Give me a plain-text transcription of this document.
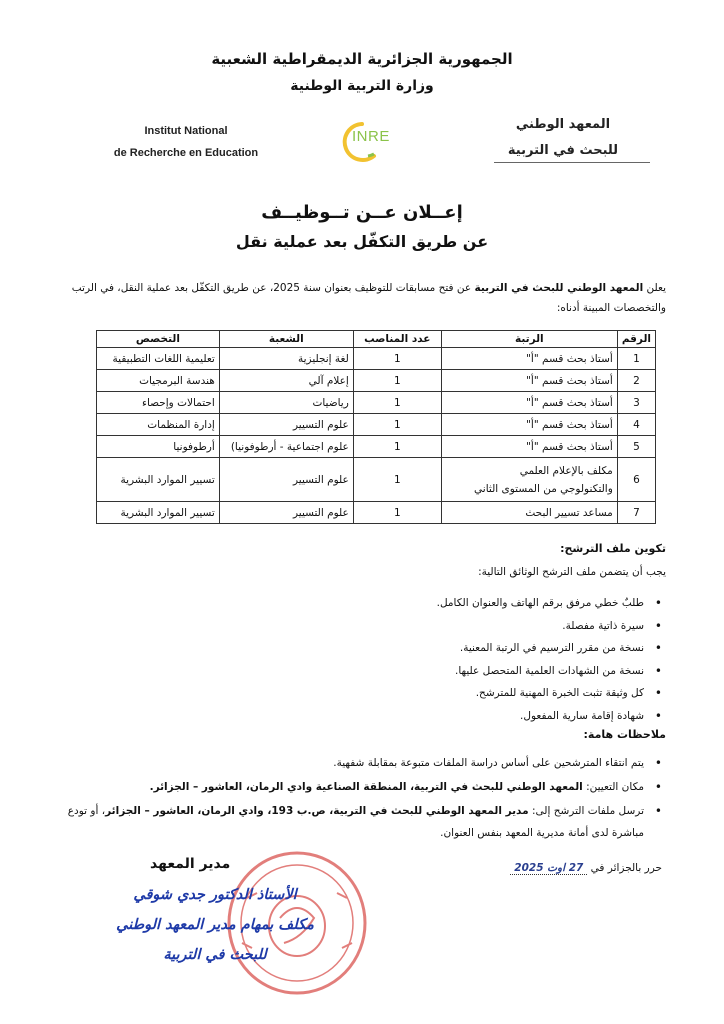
الجمهورية الجزائرية الديمقراطية الشعبية
وزارة التربية الوطنية
Institut National
de Recherche en Education
INRE
المعهد الوطني
للبحث في التربية
إعــلان عــن تــوظيــف
عن طريق التكفّل بعد عملية نقل
يعلن المعهد الوطني للبحث في التربية عن فتح مسابقات للتوظيف بعنوان سنة 2025، عن طريق التكفّل بعد عملية النقل، في الرتب والتخصصات المبينة أدناه:
الرقم	الرتبة	عدد المناصب	الشعبة	التخصص
1	أستاذ بحث قسم "أ"	1	لغة إنجليزية	تعليمية اللغات التطبيقية
2	أستاذ بحث قسم "أ"	1	إعلام آلي	هندسة البرمجيات
3	أستاذ بحث قسم "أ"	1	رياضيات	احتمالات وإحصاء
4	أستاذ بحث قسم "أ"	1	علوم التسيير	إدارة المنظمات
5	أستاذ بحث قسم "أ"	1	علوم اجتماعية - أرطوفونيا)	أرطوفونيا
6	مكلف بالإعلام العلمي
والتكنولوجي من المستوى الثاني	1	علوم التسيير	تسيير الموارد البشرية
7	مساعد تسيير البحث	1	علوم التسيير	تسيير الموارد البشرية
تكوين ملف الترشح:
يجب أن يتضمن ملف الترشح الوثائق التالية:
• طلبٌ خطي مرفق برقم الهاتف والعنوان الكامل.
• سيرة ذاتية مفصلة.
• نسخة من مقرر الترسيم في الرتبة المعنية.
• نسخة من الشهادات العلمية المتحصل عليها.
• كل وثيقة تثبت الخبرة المهنية للمترشح.
• شهادة إقامة سارية المفعول.
ملاحظات هامة:
• يتم انتقاء المترشحين على أساس دراسة الملفات متبوعة بمقابلة شفهية.
• مكان التعيين: المعهد الوطني للبحث في التربية، المنطقة الصناعية وادي الرمان، العاشور – الجزائر.
• ترسل ملفات الترشح إلى: مدير المعهد الوطني للبحث في التربية، ص.ب 193، وادي الرمان، العاشور – الجزائر، أو تودع مباشرة لدى أمانة مديرية المعهد بنفس العنوان.
مدير المعهد
الأستاذ الدكتور جدي شوقي
مكلف بمهام مدير المعهد الوطني
للبحث في التربية
حرر بالجزائر في 27 اوت 2025
